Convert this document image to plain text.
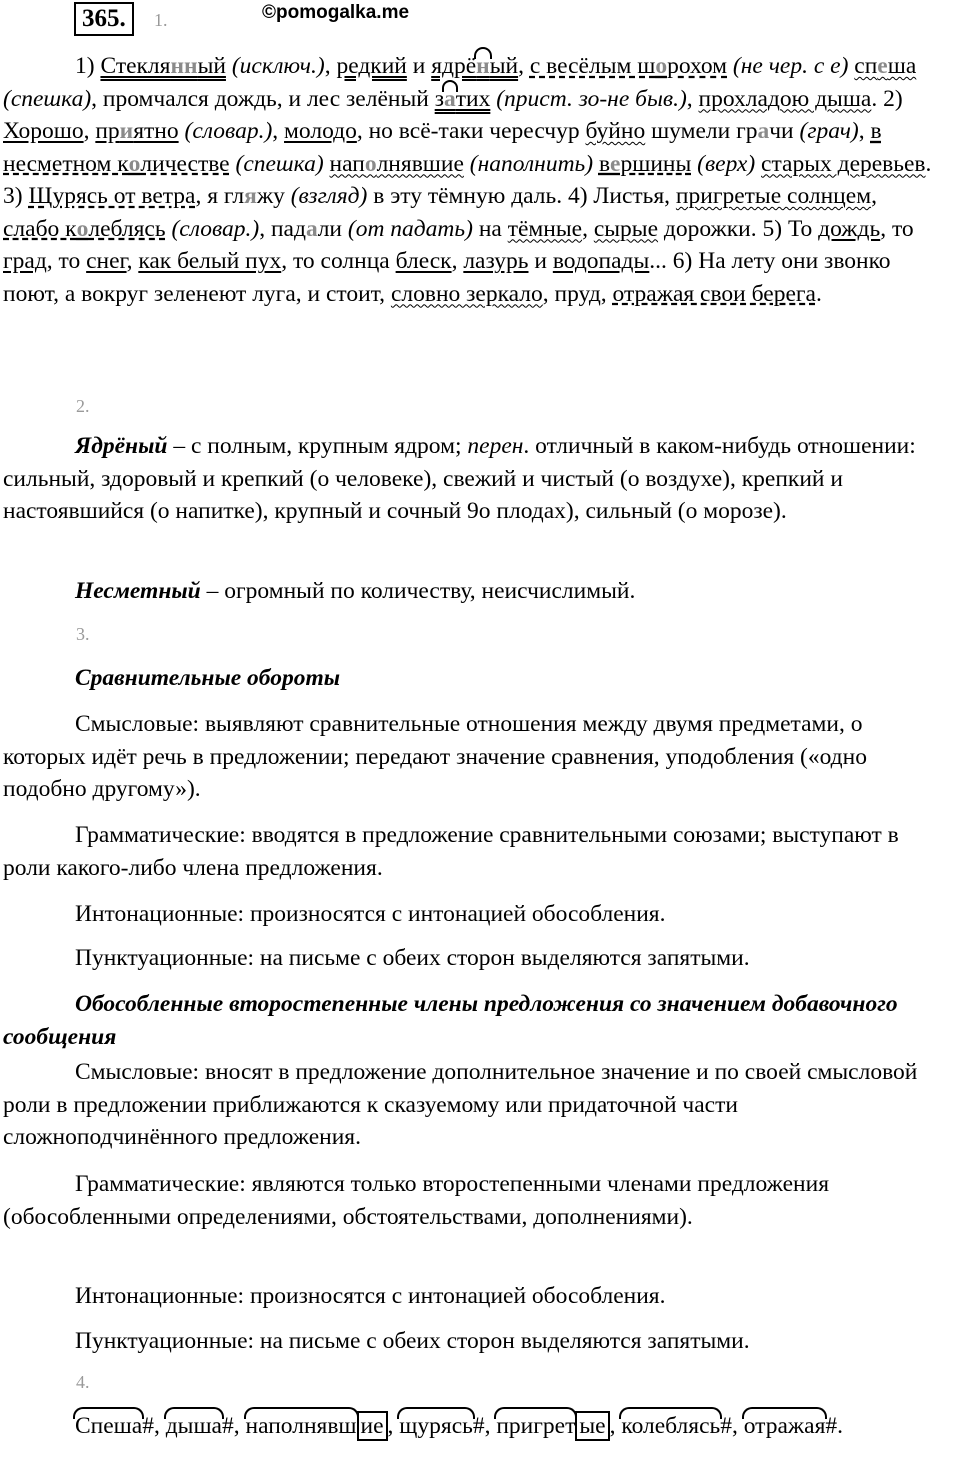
365.	1.	©pomogalka.me

1) Стеклянный (исключ.), редкий и ядрёный, с весёлым шорохом (не чер. с е) спеша (спешка), промчался дождь, и лес зелёный затих (прист. зо-не быв.), прохладою дыша. 2) Хорошо, приятно (словар.), молодо, но всё-таки чересчур буйно шумели грачи (грач), в несметном количестве (спешка) наполнявшие (наполнить) вершины (верх) старых деревьев. 3) Щурясь от ветра, я гляжу (взгляд) в эту тёмную даль. 4) Листья, пригретые солнцем, слабо колеблясь (словар.), падали (от падать) на тёмные, сырые дорожки. 5) То дождь, то град, то снег, как белый пух, то солнца блеск, лазурь и водопады... 6) На лету они звонко поют, а вокруг зеленеют луга, и стоит, словно зеркало, пруд, отражая свои берега.

2.

Ядрёный – с полным, крупным ядром; перен. отличный в каком-нибудь отношении: сильный, здоровый и крепкий (о человеке), свежий и чистый (о воздухе), крепкий и настоявшийся (о напитке), крупный и сочный 9о плодах), сильный (о морозе).

Несметный – огромный по количеству, неисчислимый.

3.

Сравнительные обороты

Смысловые: выявляют сравнительные отношения между двумя предметами, о которых идёт речь в предложении; передают значение сравнения, уподобления («одно подобно другому»).

Грамматические: вводятся в предложение сравнительными союзами; выступают в роли какого-либо члена предложения.

Интонационные: произносятся с интонацией обособления.

Пунктуационные: на письме с обеих сторон выделяются запятыми.

Обособленные второстепенные члены предложения со значением добавочного сообщения

Смысловые: вносят в предложение дополнительное значение и по своей смысловой роли в предложении приближаются к сказуемому или придаточной части сложноподчинённого предложения.

Грамматические: являются только второстепенными членами предложения (обособленными определениями, обстоятельствами, дополнениями).

Интонационные: произносятся с интонацией обособления.

Пунктуационные: на письме с обеих сторон выделяются запятыми.

4.

Спеша#, дыша#, наполнявш ие , щурясь#, пригрет ые , колеблясь#, отражая#.
